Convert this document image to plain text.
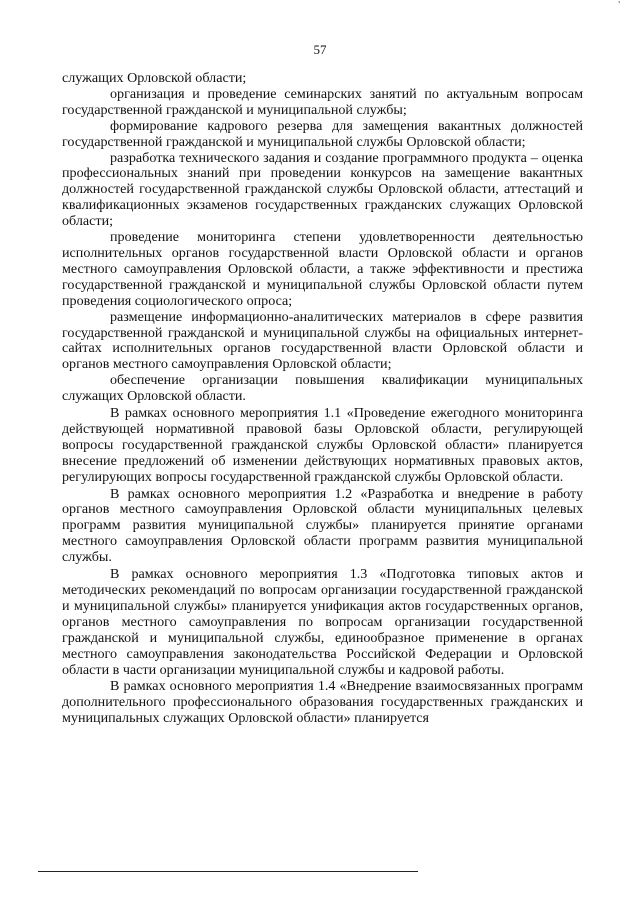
'
57

служащих Орловской области;

организация и проведение семинарских занятий по актуальным вопросам государственной гражданской и муниципальной службы;

формирование кадрового резерва для замещения вакантных должностей государственной гражданской и муниципальной службы Орловской области;

разработка технического задания и создание программного продукта – оценка профессиональных знаний при проведении конкурсов на замещение вакантных должностей государственной гражданской службы Орловской области, аттестаций и квалификационных экзаменов государственных гражданских служащих Орловской области;

проведение мониторинга степени удовлетворенности деятельностью исполнительных органов государственной власти Орловской области и органов местного самоуправления Орловской области, а также эффективности и престижа государственной гражданской и муниципальной службы Орловской области путем проведения социологического опроса;

размещение информационно-аналитических материалов в сфере развития государственной гражданской и муниципальной службы на официальных интернет-сайтах исполнительных органов государственной власти Орловской области и органов местного самоуправления Орловской области;

обеспечение организации повышения квалификации муниципальных служащих Орловской области.

В рамках основного мероприятия 1.1 «Проведение ежегодного мониторинга действующей нормативной правовой базы Орловской области, регулирующей вопросы государственной гражданской службы Орловской области» планируется внесение предложений об изменении действующих нормативных правовых актов, регулирующих вопросы государственной гражданской службы Орловской области.

В рамках основного мероприятия 1.2 «Разработка и внедрение в работу органов местного самоуправления Орловской области муниципальных целевых программ развития муниципальной службы» планируется принятие органами местного самоуправления Орловской области программ развития муниципальной службы.

В рамках основного мероприятия 1.3 «Подготовка типовых актов и методических рекомендаций по вопросам организации государственной гражданской и муниципальной службы» планируется унификация актов государственных органов, органов местного самоуправления по вопросам организации государственной гражданской и муниципальной службы, единообразное применение в органах местного самоуправления законодательства Российской Федерации и Орловской области в части организации муниципальной службы и кадровой работы.

В рамках основного мероприятия 1.4 «Внедрение взаимосвязанных программ дополнительного профессионального образования государственных гражданских и муниципальных служащих Орловской области» планируется
